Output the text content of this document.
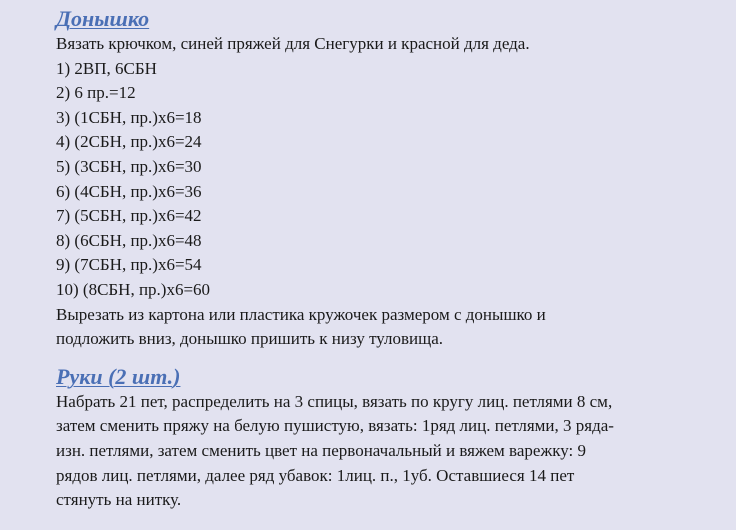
Донышко

Вязать крючком, синей пряжей для Снегурки и красной для деда.

1) 2ВП, 6СБН

2) 6 пр.=12

3) (1СБН, пр.)х6=18

4) (2СБН, пр.)х6=24

5) (3СБН, пр.)х6=30

6) (4СБН, пр.)х6=36

7) (5СБН, пр.)х6=42

8) (6СБН, пр.)х6=48

9) (7СБН, пр.)х6=54

10) (8СБН, пр.)х6=60

Вырезать из картона или пластика кружочек размером с донышко и

подложить вниз, донышко пришить к низу туловища.

Руки (2 шт.)

Набрать 21 пет, распределить на 3 спицы, вязать по кругу лиц. петлями 8 см,

затем сменить пряжу на белую пушистую, вязать: 1ряд лиц. петлями, 3 ряда-

изн. петлями, затем сменить цвет на первоначальный и вяжем варежку: 9

рядов лиц. петлями, далее ряд убавок: 1лиц. п., 1уб. Оставшиеся 14 пет

стянуть на нитку.
